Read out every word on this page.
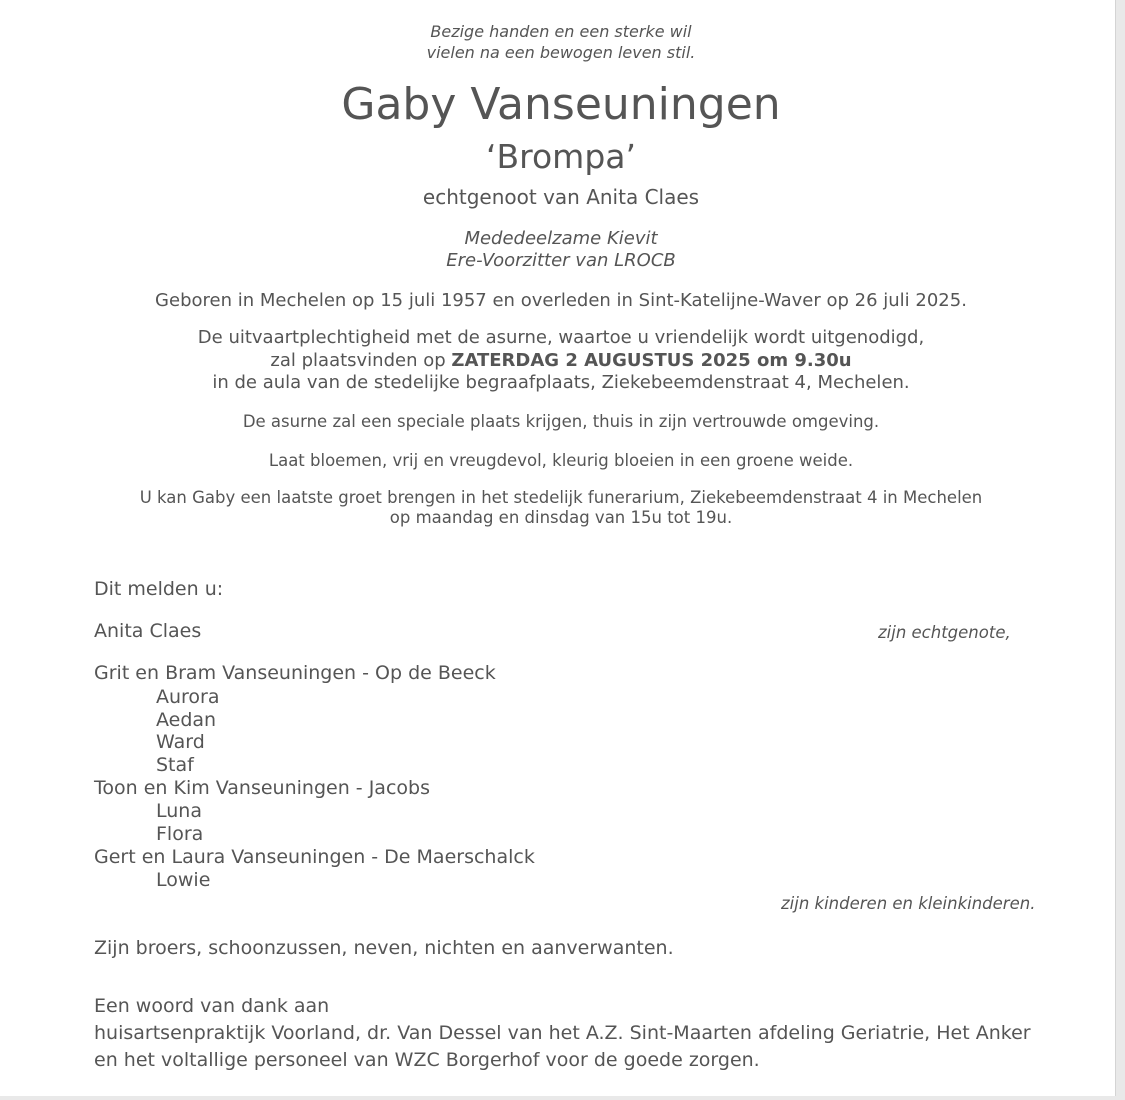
Bezige handen en een sterke wil
vielen na een bewogen leven stil.
Gaby Vanseuningen
‘Brompa’
echtgenoot van Anita Claes
Mededeelzame Kievit
Ere-Voorzitter van LROCB
Geboren in Mechelen op 15 juli 1957 en overleden in Sint-Katelijne-Waver op 26 juli 2025.
De uitvaartplechtigheid met de asurne, waartoe u vriendelijk wordt uitgenodigd,
zal plaatsvinden op ZATERDAG 2 AUGUSTUS 2025 om 9.30u
in de aula van de stedelijke begraafplaats, Ziekebeemdenstraat 4, Mechelen.
De asurne zal een speciale plaats krijgen, thuis in zijn vertrouwde omgeving.
Laat bloemen, vrij en vreugdevol, kleurig bloeien in een groene weide.
U kan Gaby een laatste groet brengen in het stedelijk funerarium, Ziekebeemdenstraat 4 in Mechelen
op maandag en dinsdag van 15u tot 19u.
Dit melden u:
Anita Claes	zijn echtgenote,
Grit en Bram Vanseuningen - Op de Beeck
Aurora
Aedan
Ward
Staf
Toon en Kim Vanseuningen - Jacobs
Luna
Flora
Gert en Laura Vanseuningen - De Maerschalck
Lowie
zijn kinderen en kleinkinderen.
Zijn broers, schoonzussen, neven, nichten en aanverwanten.
Een woord van dank aan
huisartsenpraktijk Voorland, dr. Van Dessel van het A.Z. Sint-Maarten afdeling Geriatrie, Het Anker
en het voltallige personeel van WZC Borgerhof voor de goede zorgen.
